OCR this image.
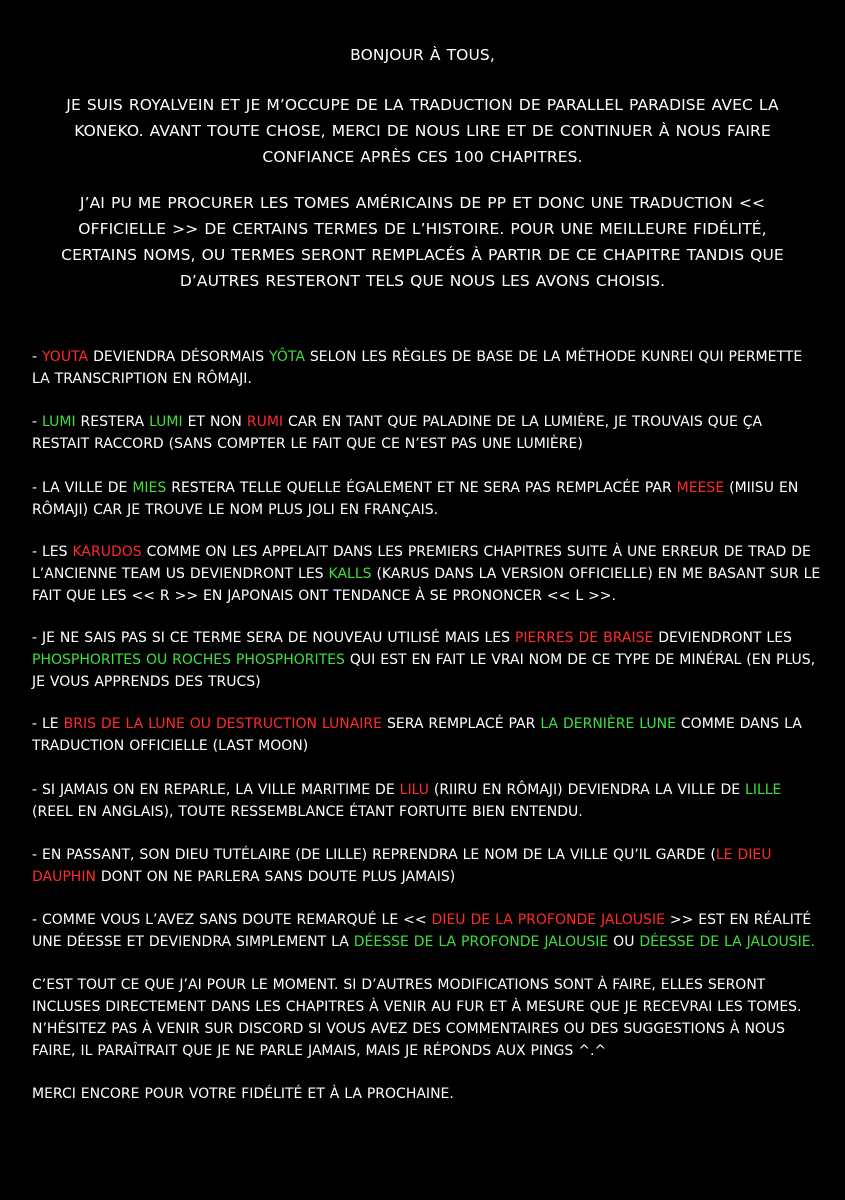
BONJOUR À TOUS,
JE SUIS ROYALVEIN ET JE M’OCCUPE DE LA TRADUCTION DE PARALLEL PARADISE AVEC LA KONEKO. AVANT TOUTE CHOSE, MERCI DE NOUS LIRE ET DE CONTINUER À NOUS FAIRE CONFIANCE APRÈS CES 100 CHAPITRES.
J’AI PU ME PROCURER LES TOMES AMÉRICAINS DE PP ET DONC UNE TRADUCTION << OFFICIELLE >> DE CERTAINS TERMES DE L’HISTOIRE. POUR UNE MEILLEURE FIDÉLITÉ, CERTAINS NOMS, OU TERMES SERONT REMPLACÉS À PARTIR DE CE CHAPITRE TANDIS QUE D’AUTRES RESTERONT TELS QUE NOUS LES AVONS CHOISIS.
- YOUTA DEVIENDRA DÉSORMAIS YÔTA SELON LES RÈGLES DE BASE DE LA MÉTHODE KUNREI QUI PERMETTE LA TRANSCRIPTION EN RÔMAJI.
- LUMI RESTERA LUMI ET NON RUMI CAR EN TANT QUE PALADINE DE LA LUMIÈRE, JE TROUVAIS QUE ÇA RESTAIT RACCORD (SANS COMPTER LE FAIT QUE CE N’EST PAS UNE LUMIÈRE)
- LA VILLE DE MIES RESTERA TELLE QUELLE ÉGALEMENT ET NE SERA PAS REMPLACÉE PAR MEESE (MIISU EN RÔMAJI) CAR JE TROUVE LE NOM PLUS JOLI EN FRANÇAIS.
- LES KARUDOS COMME ON LES APPELAIT DANS LES PREMIERS CHAPITRES SUITE À UNE ERREUR DE TRAD DE L’ANCIENNE TEAM US DEVIENDRONT LES KALLS (KARUS DANS LA VERSION OFFICIELLE) EN ME BASANT SUR LE FAIT QUE LES << R >> EN JAPONAIS ONT TENDANCE À SE PRONONCER << L >>.
- JE NE SAIS PAS SI CE TERME SERA DE NOUVEAU UTILISÉ MAIS LES PIERRES DE BRAISE DEVIENDRONT LES PHOSPHORITES OU ROCHES PHOSPHORITES QUI EST EN FAIT LE VRAI NOM DE CE TYPE DE MINÉRAL (EN PLUS, JE VOUS APPRENDS DES TRUCS)
- LE BRIS DE LA LUNE OU DESTRUCTION LUNAIRE SERA REMPLACÉ PAR LA DERNIÈRE LUNE COMME DANS LA TRADUCTION OFFICIELLE (LAST MOON)
- SI JAMAIS ON EN REPARLE, LA VILLE MARITIME DE LILU (RIIRU EN RÔMAJI) DEVIENDRA LA VILLE DE LILLE (REEL EN ANGLAIS), TOUTE RESSEMBLANCE ÉTANT FORTUITE BIEN ENTENDU.
- EN PASSANT, SON DIEU TUTÉLAIRE (DE LILLE) REPRENDRA LE NOM DE LA VILLE QU’IL GARDE (LE DIEU DAUPHIN DONT ON NE PARLERA SANS DOUTE PLUS JAMAIS)
- COMME VOUS L’AVEZ SANS DOUTE REMARQUÉ LE << DIEU DE LA PROFONDE JALOUSIE >> EST EN RÉALITÉ UNE DÉESSE ET DEVIENDRA SIMPLEMENT LA DÉESSE DE LA PROFONDE JALOUSIE OU DÉESSE DE LA JALOUSIE.
C’EST TOUT CE QUE J’AI POUR LE MOMENT. SI D’AUTRES MODIFICATIONS SONT À FAIRE, ELLES SERONT INCLUSES DIRECTEMENT DANS LES CHAPITRES À VENIR AU FUR ET À MESURE QUE JE RECEVRAI LES TOMES. N’HÉSITEZ PAS À VENIR SUR DISCORD SI VOUS AVEZ DES COMMENTAIRES OU DES SUGGESTIONS À NOUS FAIRE, IL PARAÎTRAIT QUE JE NE PARLE JAMAIS, MAIS JE RÉPONDS AUX PINGS ^.^
MERCI ENCORE POUR VOTRE FIDÉLITÉ ET À LA PROCHAINE.
